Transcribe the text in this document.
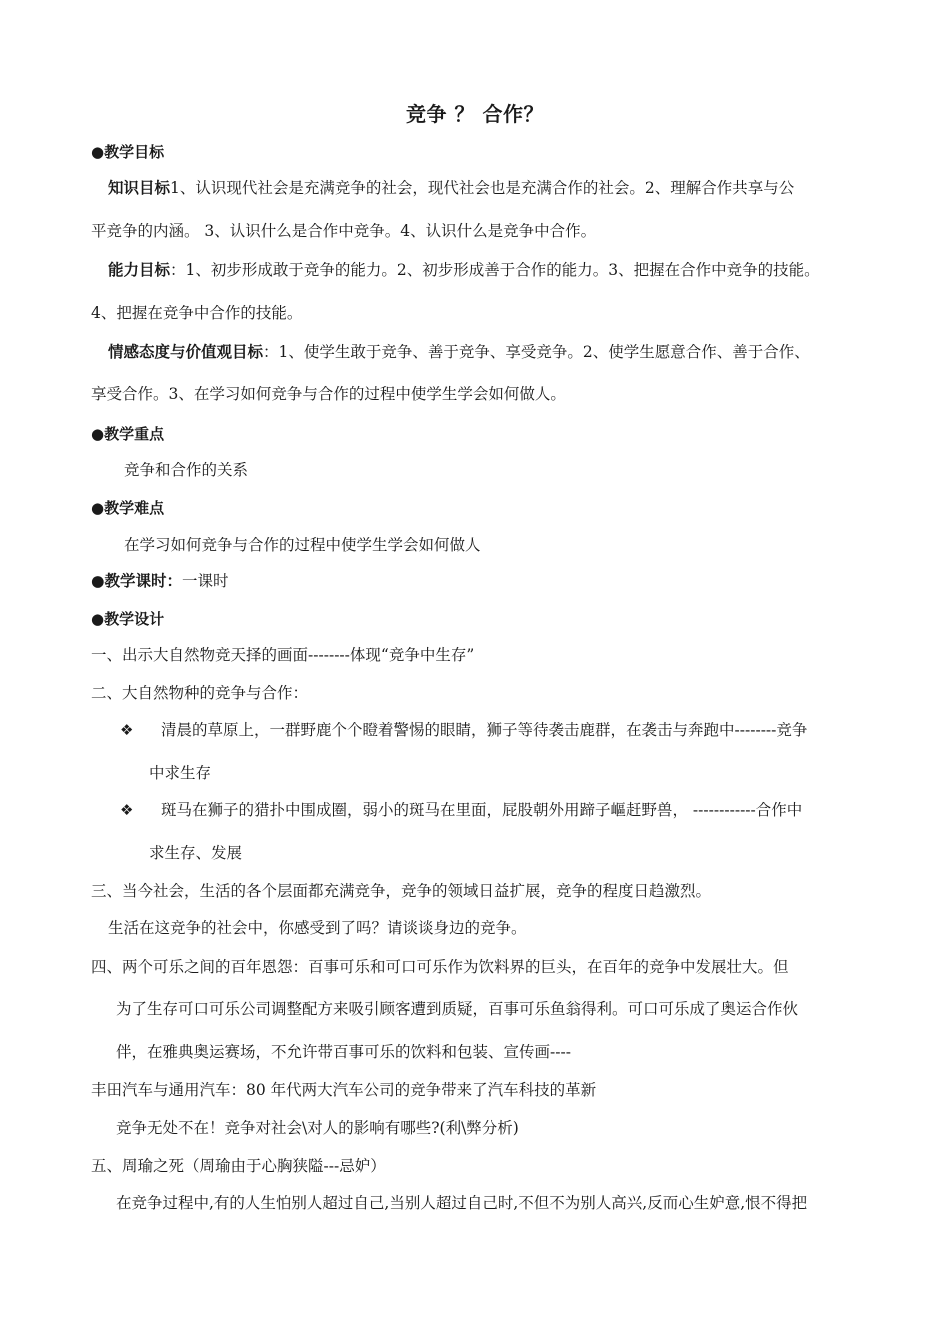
竞争 ？ 合作？
●教学目标
知识目标1、认识现代社会是充满竞争的社会，现代社会也是充满合作的社会。2、理解合作共享与公
平竞争的内涵。 3、认识什么是合作中竞争。4、认识什么是竞争中合作。
能力目标：1、初步形成敢于竞争的能力。2、初步形成善于合作的能力。3、把握在合作中竞争的技能。
4、把握在竞争中合作的技能。
情感态度与价值观目标：1、使学生敢于竞争、善于竞争、享受竞争。2、使学生愿意合作、善于合作、
享受合作。3、在学习如何竞争与合作的过程中使学生学会如何做人。
●教学重点
竞争和合作的关系
●教学难点
在学习如何竞争与合作的过程中使学生学会如何做人
●教学课时：一课时
●教学设计
一、出示大自然物竞天择的画面--------体现“竞争中生存”
二、大自然物种的竞争与合作：
❖ 清晨的草原上，一群野鹿个个瞪着警惕的眼睛，狮子等待袭击鹿群，在袭击与奔跑中--------竞争
中求生存
❖ 斑马在狮子的猎扑中围成圈，弱小的斑马在里面，屁股朝外用蹄子嶇赶野兽， ------------合作中
求生存、发展
三、当今社会，生活的各个层面都充满竞争，竞争的领域日益扩展，竞争的程度日趋激烈。
生活在这竞争的社会中，你感受到了吗？请谈谈身边的竞争。
四、两个可乐之间的百年恩怨：百事可乐和可口可乐作为饮料界的巨头，在百年的竞争中发展壮大。但
为了生存可口可乐公司调整配方来吸引顾客遭到质疑，百事可乐鱼翁得利。可口可乐成了奥运合作伙
伴，在雅典奥运赛场，不允许带百事可乐的饮料和包装、宣传画----
丰田汽车与通用汽车：80 年代两大汽车公司的竞争带来了汽车科技的革新
竞争无处不在！竞争对社会\对人的影响有哪些?(利\弊分析)
五、周瑜之死（周瑜由于心胸狭隘---忌妒）
在竞争过程中,有的人生怕别人超过自己,当别人超过自己时,不但不为别人高兴,反而心生妒意,恨不得把
